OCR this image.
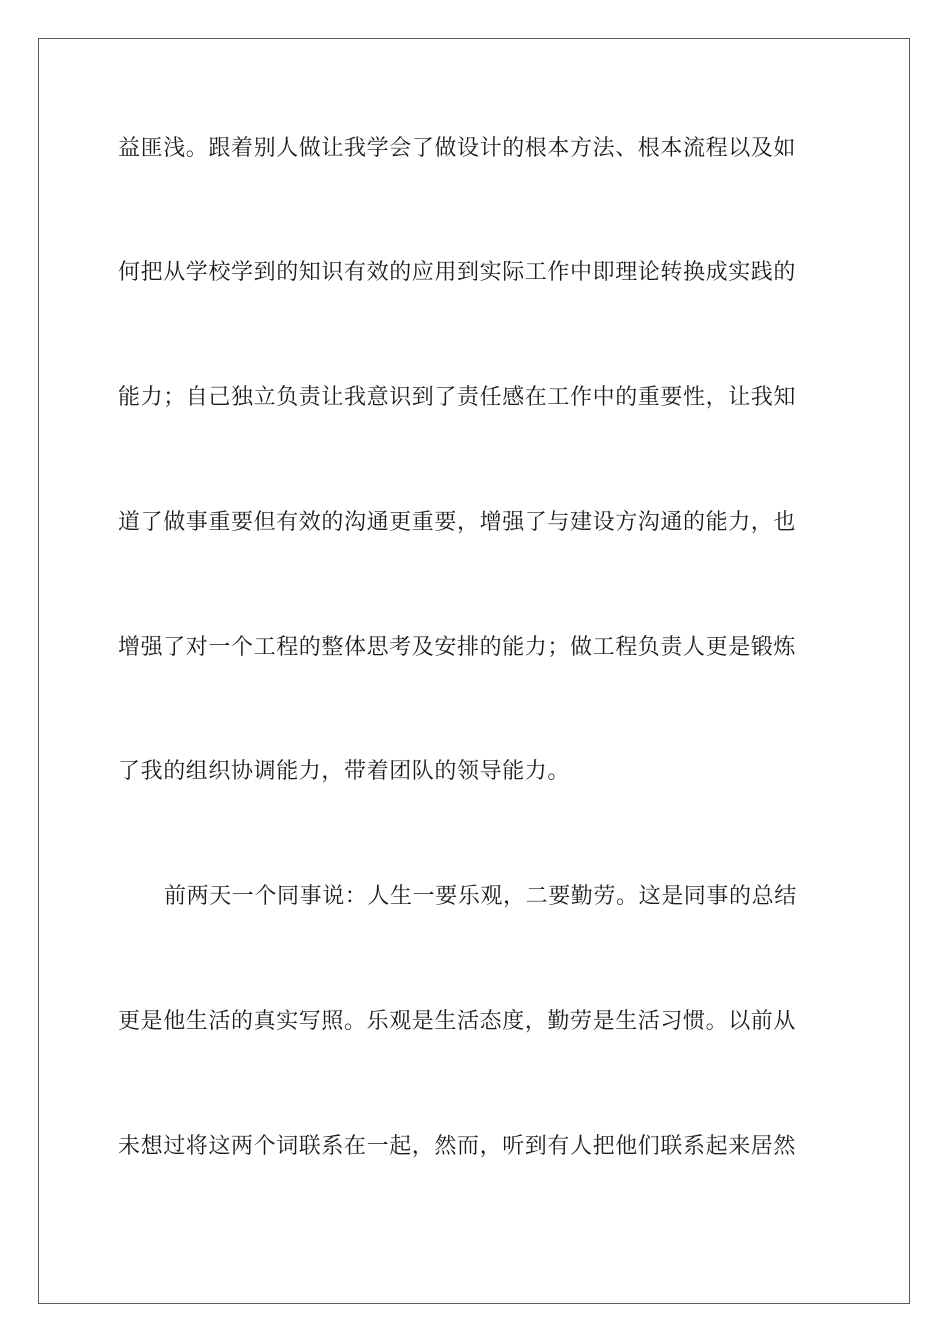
益匪浅。跟着别人做让我学会了做设计的根本方法、根本流程以及如
何把从学校学到的知识有效的应用到实际工作中即理论转换成实践的
能力；自己独立负责让我意识到了责任感在工作中的重要性，让我知
道了做事重要但有效的沟通更重要，增强了与建设方沟通的能力，也
增强了对一个工程的整体思考及安排的能力；做工程负责人更是锻炼
了我的组织协调能力，带着团队的领导能力。
前两天一个同事说：人生一要乐观，二要勤劳。这是同事的总结
更是他生活的真实写照。乐观是生活态度，勤劳是生活习惯。以前从
未想过将这两个词联系在一起，然而，听到有人把他们联系起来居然
